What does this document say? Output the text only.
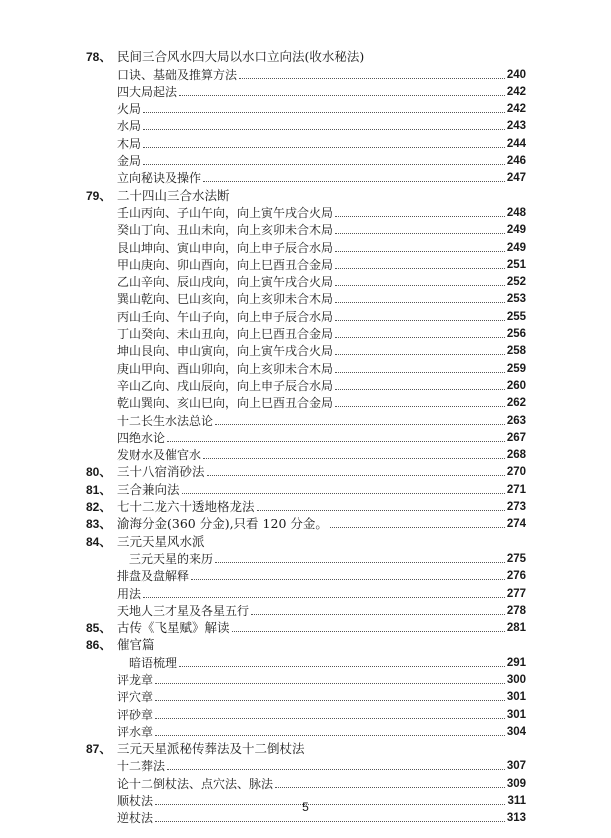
78、 民间三合风水四大局以水口立向法(收水秘法)
口诀、基础及推算方法	240
四大局起法	242
火局	242
水局	243
木局	244
金局	246
立向秘诀及操作	247
79、 二十四山三合水法断
壬山丙向、子山午向，向上寅午戌合火局	248
癸山丁向、丑山未向，向上亥卯未合木局	249
艮山坤向、寅山申向，向上申子辰合水局	249
甲山庚向、卯山酉向，向上巳酉丑合金局	251
乙山辛向、辰山戌向，向上寅午戌合火局	252
巽山乾向、巳山亥向，向上亥卯未合木局	253
丙山壬向、午山子向，向上申子辰合水局	255
丁山癸向、未山丑向，向上巳酉丑合金局	256
坤山艮向、申山寅向，向上寅午戌合火局	258
庚山甲向、酉山卯向，向上亥卯未合木局	259
辛山乙向、戌山辰向，向上申子辰合水局	260
乾山巽向、亥山巳向，向上巳酉丑合金局	262
十二长生水法总论	263
四绝水论	267
发财水及催官水	268
80、 三十八宿消砂法	270
81、 三合兼向法	271
82、 七十二龙六十透地格龙法	273
83、 渝海分金(360 分金),只看 120 分金。	274
84、 三元天星风水派
三元天星的来历	275
排盘及盘解释	276
用法	277
天地人三才星及各星五行	278
85、 古传《飞星赋》解读	281
86、 催官篇
暗语梳理	291
评龙章	300
评穴章	301
评砂章	301
评水章	304
87、 三元天星派秘传葬法及十二倒杖法
十二葬法	307
论十二倒杖法、点穴法、脉法	309
顺杖法	311
逆杖法	313
5
